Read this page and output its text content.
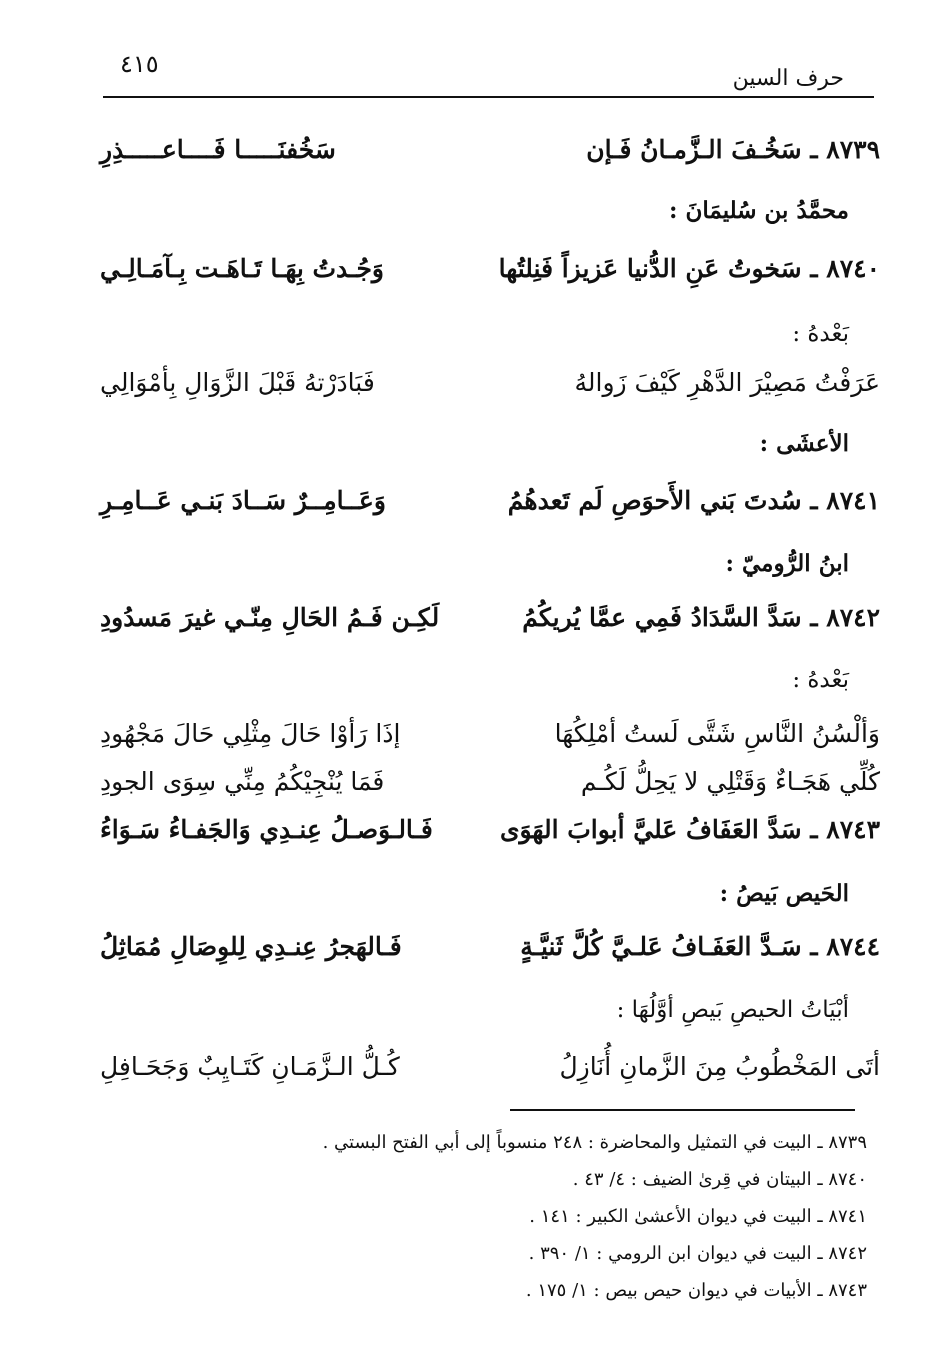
٤١٥
حرف السين
٨٧٣٩ ـ سَخُـفَ الـزَّمـانُ فَـإن
سَخُفنَـــــا فَــــاعـــــذِرِ
محمَّدُ بن سُليمَانَ :
٨٧٤٠ ـ سَخوتُ عَنِ الدُّنيا عَزيزاً فَنِلتُها
وَجُـدتُ بِهَـا تَـاهَـت بِـآمَـالِـي
بَعْدهُ :
عَرَفْتُ مَصِيْرَ الدَّهْرِ كَيْفَ زَوالهُ
فَبَادَرْتهُ قَبْلَ الزَّوَالِ بِأمْوَالِي
الأعشَى :
٨٧٤١ ـ سُدتَ بَني الأَحوَصِ لَم تَعدهُمُ
وَعَــامِــرٌ سَــادَ بَنـي عَــامِـرِ
ابنُ الرُّوميّ :
٨٧٤٢ ـ سَدَّ السَّدَادُ فَمِي عمَّا يُريكُمُ
لَكِـن فَـمُ الحَالِ مِنّـي غيرَ مَسدُودِ
بَعْدهُ :
وَألْسُنُ النَّاسِ شَتَّى لَستُ أمْلِكُهَا
إذَا رَأوْا حَالَ مِثْلِي حَالَ مَجْهُودِ
كُلِّي هَجَـاءٌ وَقَتْلِي لا يَحِلُّ لَكُـم
فَمَا يُنْجِيْكُمُ مِنِّي سِوَى الجودِ
٨٧٤٣ ـ سَدَّ العَفَافُ عَليَّ أبوابَ الهَوَى
فَـالـوَصـلُ عِنـدِي وَالجَفـاءُ سَـوَاءُ
الحَيص بَيصُ :
٨٧٤٤ ـ سَـدَّ العَفَـافُ عَلـيَّ كُلَّ ثَنيَّـةٍ
فَـالهَجرُ عِنـدِي لِلوِصَالِ مُمَاثِلُ
أبْيَاتُ الحيصِ بَيصِ أوَّلُهَا :
أتَى المَخْطُوبُ مِنَ الزَّمانِ أُنَازِلُ
كُـلُّ الـزَّمَـانِ كَتَـايِبٌ وَجَحَـافِلِ
٨٧٣٩ ـ البيت في التمثيل والمحاضرة : ٢٤٨ منسوباً إلى أبي الفتح البستي .
٨٧٤٠ ـ البيتان في قِرىٰ الضيف : ٤/ ٤٣ .
٨٧٤١ ـ البيت في ديوان الأعشىٰ الكبير : ١٤١ .
٨٧٤٢ ـ البيت في ديوان ابن الرومي : ١/ ٣٩٠ .
٨٧٤٣ ـ الأبيات في ديوان حيص بيص : ١/ ١٧٥ .
